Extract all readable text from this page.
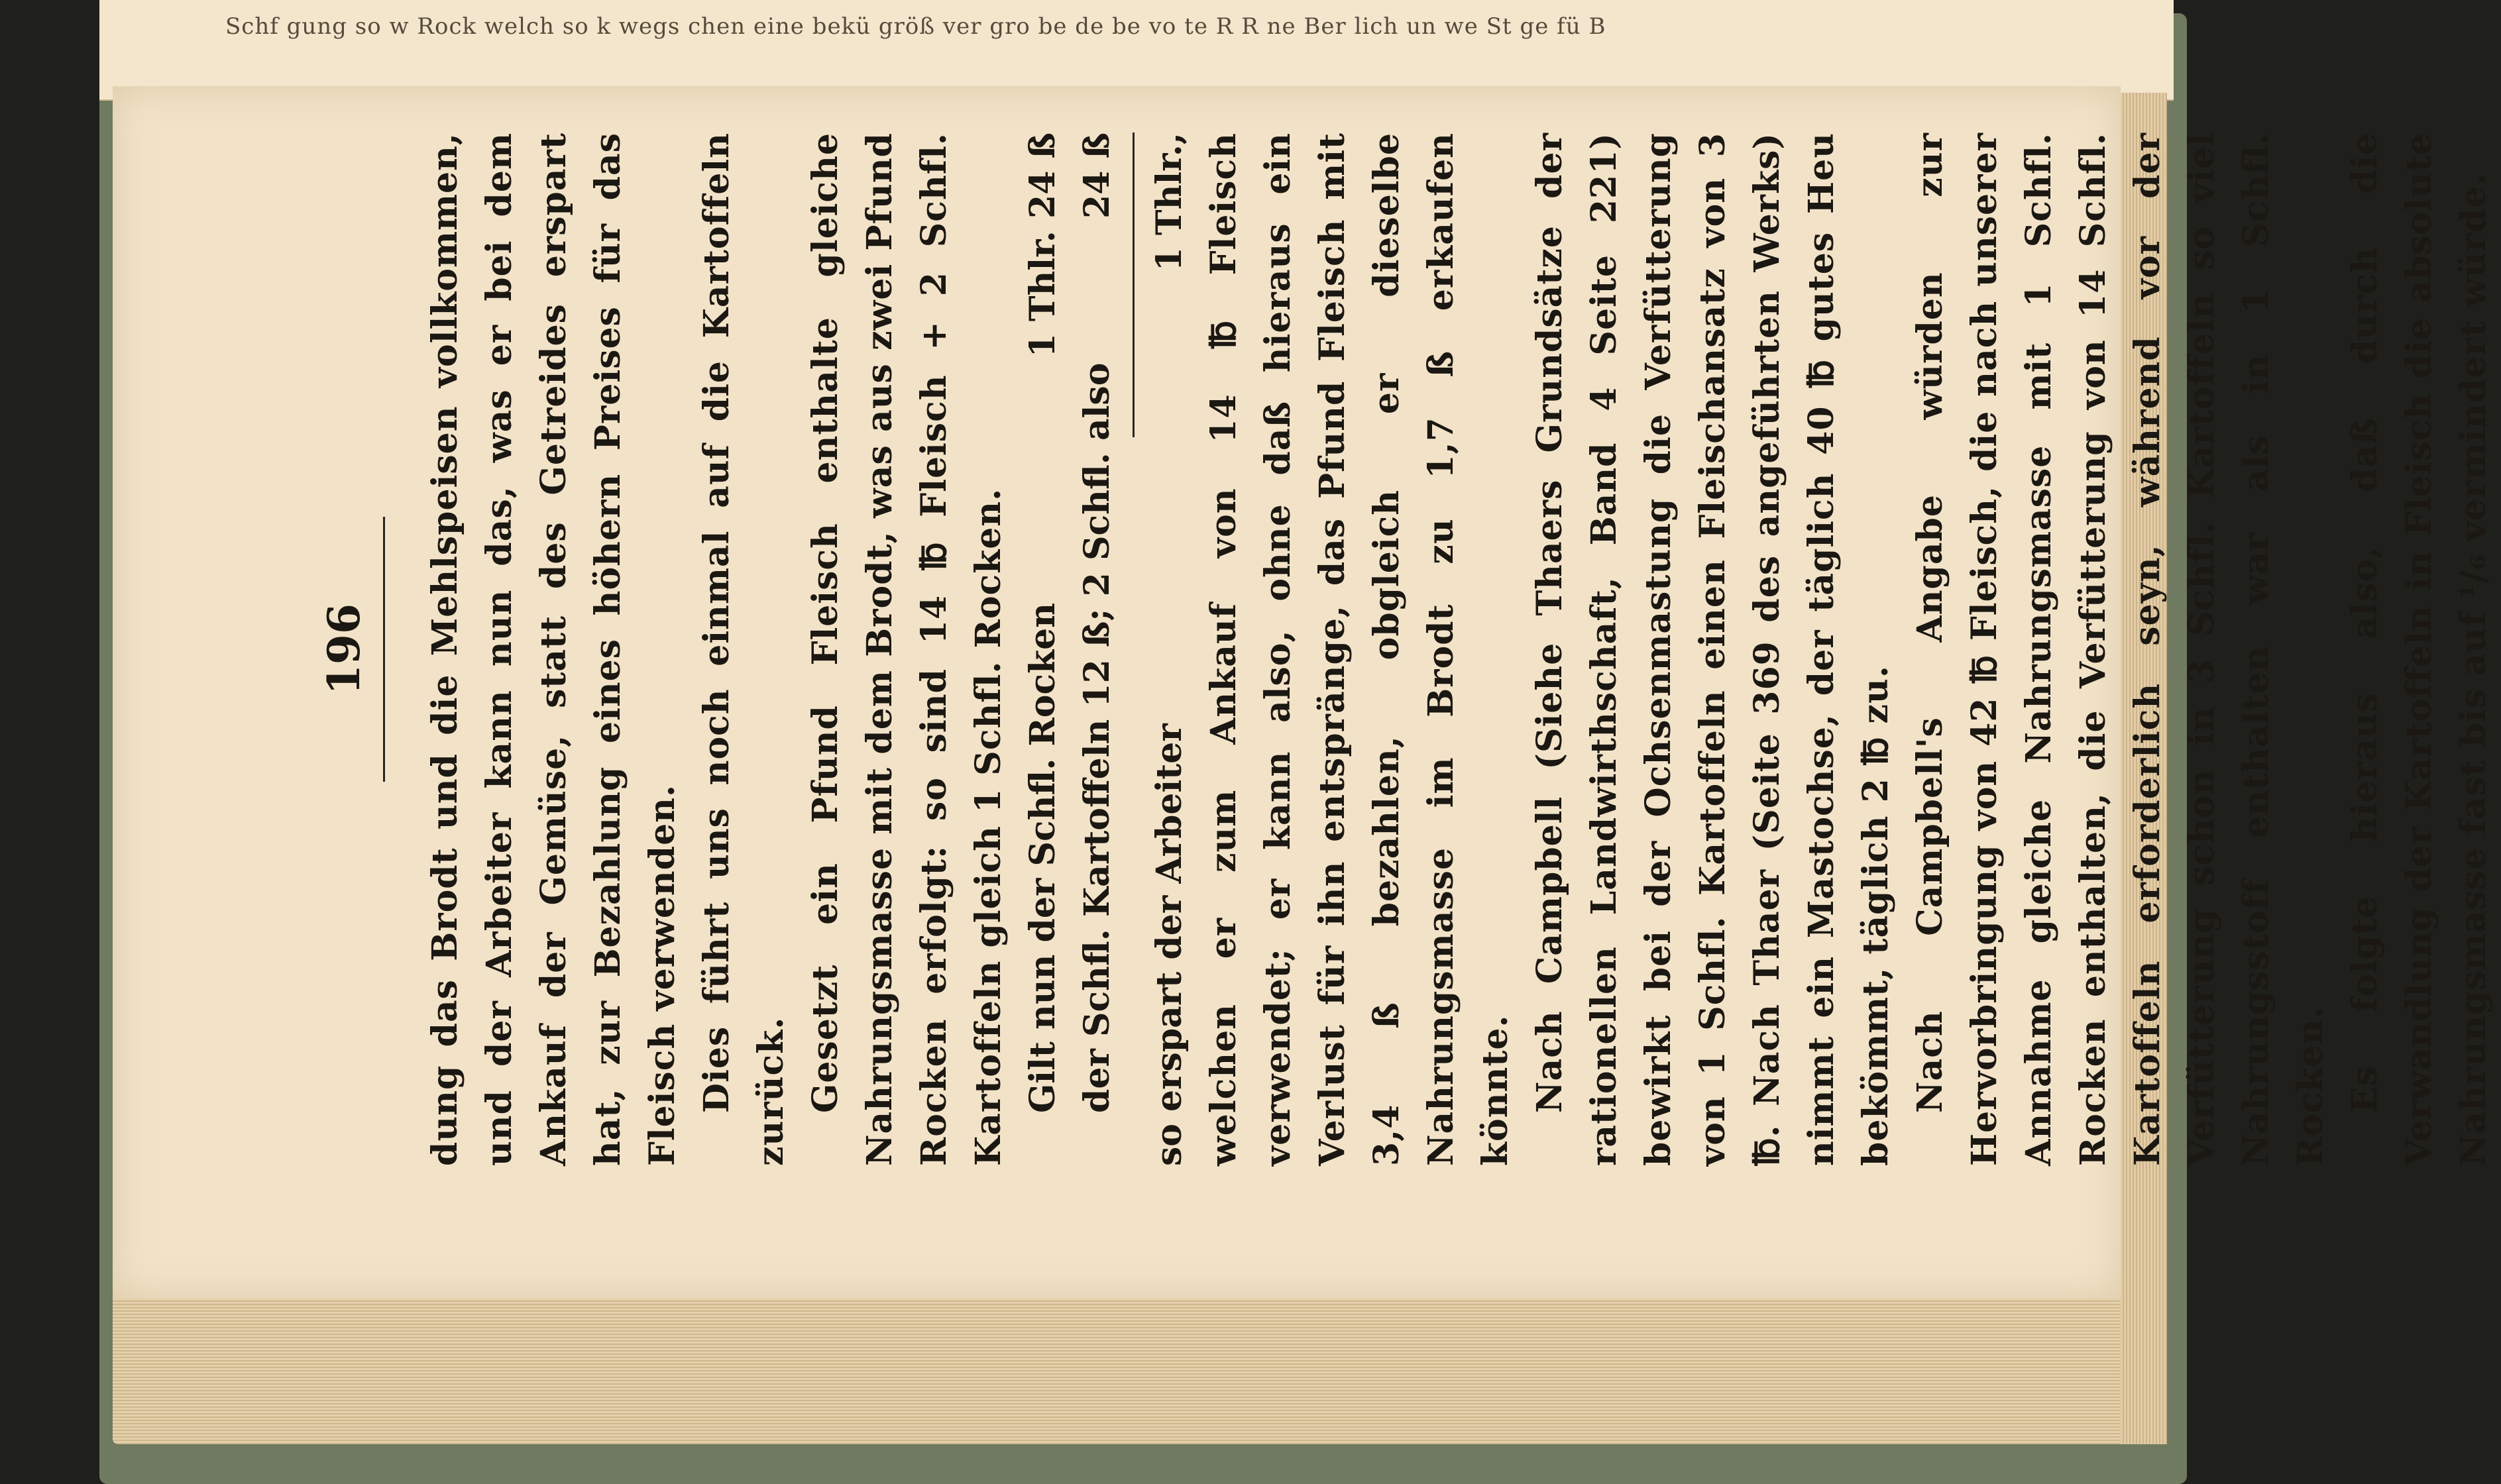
Schf gung so w Rock welch so k wegs chen eine bekü größ ver gro be de be vo te R R ne Ber lich un we St ge fü B
196 dung das Brodt und die Mehlspeisen vollkommen, und der Arbeiter kann nun das, was er bei dem Ankauf der Gemüse, statt des Getreides erspart hat, zur Bezahlung eines höhern Preises für das Fleisch verwenden. Dies führt uns noch einmal auf die Kartoffeln zurück. Gesetzt ein Pfund Fleisch enthalte gleiche Nahrungsmasse mit dem Brodt, was aus zwei Pfund Rocken erfolgt: so sind 14 ℔ Fleisch + 2 Schfl. Kartoffeln gleich 1 Schfl. Rocken. Gilt nun der Schfl. Rocken
1 Thlr. 24 ß
der Schfl. Kartoffeln 12 ß; 2 Schfl. also
24 ß
so erspart der Arbeiter
1 Thlr., welchen er zum Ankauf von 14 ℔ Fleisch verwendet; er kann also, ohne daß hieraus ein Verlust für ihn entspränge, das Pfund Fleisch mit 3,4 ß bezahlen, obgleich er dieselbe Nahrungsmasse im Brodt zu 1,7 ß erkaufen könnte. Nach Campbell (Siehe Thaers Grundsätze der rationellen Landwirthschaft, Band 4 Seite 221) bewirkt bei der Ochsenmastung die Verfütterung von 1 Schfl. Kartoffeln einen Fleischansatz von 3 ℔. Nach Thaer (Seite 369 des angeführten Werks) nimmt ein Mastochse, der täglich 40 ℔ gutes Heu bekömmt, täglich 2 ℔ zu. Nach Campbell's Angabe würden zur Hervorbringung von 42 ℔ Fleisch, die nach unserer Annahme gleiche Nahrungsmasse mit 1 Schfl. Rocken enthalten, die Verfütterung von 14 Schfl. Kartoffeln erforderlich seyn, während vor der Verfütterung schon in 3 Schfl. Kartoffeln so viel Nahrungsstoff enthalten war als in 1 Schfl. Rocken. Es folgte hieraus also, daß durch die Verwandlung der Kartoffeln in Fleisch die absolute Nahrungsmasse fast bis auf ¹/₆ vermindert würde.
